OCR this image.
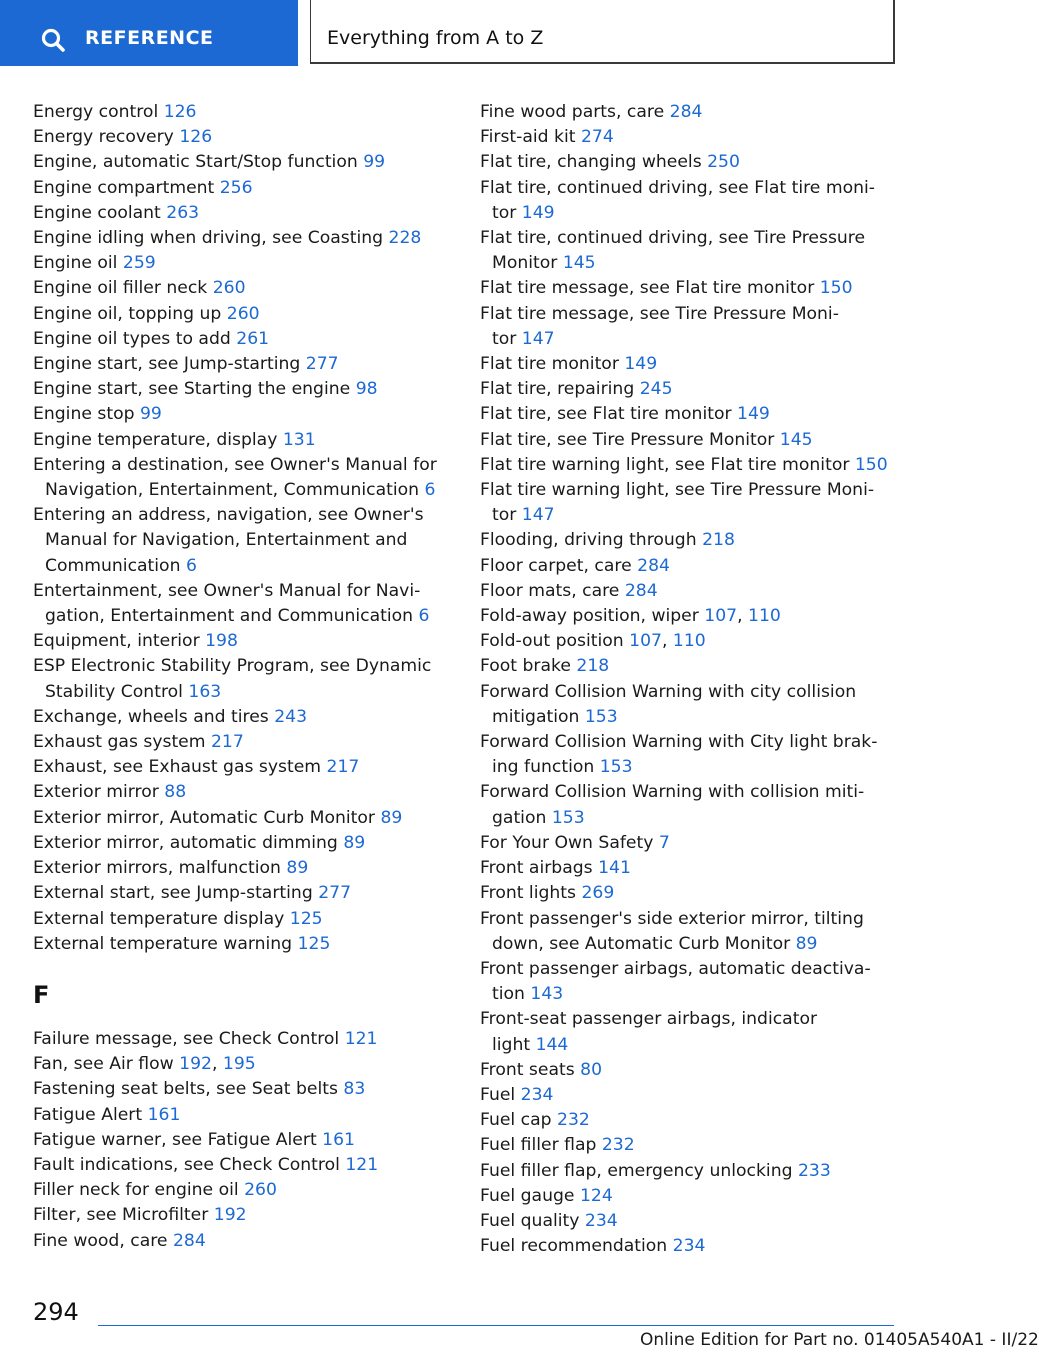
REFERENCE	Everything from A to Z
Energy control 126
Energy recovery 126
Engine, automatic Start/Stop function 99
Engine compartment 256
Engine coolant 263
Engine idling when driving, see Coasting 228
Engine oil 259
Engine oil filler neck 260
Engine oil, topping up 260
Engine oil types to add 261
Engine start, see Jump-starting 277
Engine start, see Starting the engine 98
Engine stop 99
Engine temperature, display 131
Entering a destination, see Owner's Manual for
Navigation, Entertainment, Communication 6
Entering an address, navigation, see Owner's
Manual for Navigation, Entertainment and
Communication 6
Entertainment, see Owner's Manual for Navi-
gation, Entertainment and Communication 6
Equipment, interior 198
ESP Electronic Stability Program, see Dynamic
Stability Control 163
Exchange, wheels and tires 243
Exhaust gas system 217
Exhaust, see Exhaust gas system 217
Exterior mirror 88
Exterior mirror, Automatic Curb Monitor 89
Exterior mirror, automatic dimming 89
Exterior mirrors, malfunction 89
External start, see Jump-starting 277
External temperature display 125
External temperature warning 125
F
Failure message, see Check Control 121
Fan, see Air flow 192, 195
Fastening seat belts, see Seat belts 83
Fatigue Alert 161
Fatigue warner, see Fatigue Alert 161
Fault indications, see Check Control 121
Filler neck for engine oil 260
Filter, see Microfilter 192
Fine wood, care 284
Fine wood parts, care 284
First-aid kit 274
Flat tire, changing wheels 250
Flat tire, continued driving, see Flat tire moni-
tor 149
Flat tire, continued driving, see Tire Pressure
Monitor 145
Flat tire message, see Flat tire monitor 150
Flat tire message, see Tire Pressure Moni-
tor 147
Flat tire monitor 149
Flat tire, repairing 245
Flat tire, see Flat tire monitor 149
Flat tire, see Tire Pressure Monitor 145
Flat tire warning light, see Flat tire monitor 150
Flat tire warning light, see Tire Pressure Moni-
tor 147
Flooding, driving through 218
Floor carpet, care 284
Floor mats, care 284
Fold-away position, wiper 107, 110
Fold-out position 107, 110
Foot brake 218
Forward Collision Warning with city collision
mitigation 153
Forward Collision Warning with City light brak-
ing function 153
Forward Collision Warning with collision miti-
gation 153
For Your Own Safety 7
Front airbags 141
Front lights 269
Front passenger's side exterior mirror, tilting
down, see Automatic Curb Monitor 89
Front passenger airbags, automatic deactiva-
tion 143
Front-seat passenger airbags, indicator
light 144
Front seats 80
Fuel 234
Fuel cap 232
Fuel filler flap 232
Fuel filler flap, emergency unlocking 233
Fuel gauge 124
Fuel quality 234
Fuel recommendation 234
294
Online Edition for Part no. 01405A540A1 - II/22
